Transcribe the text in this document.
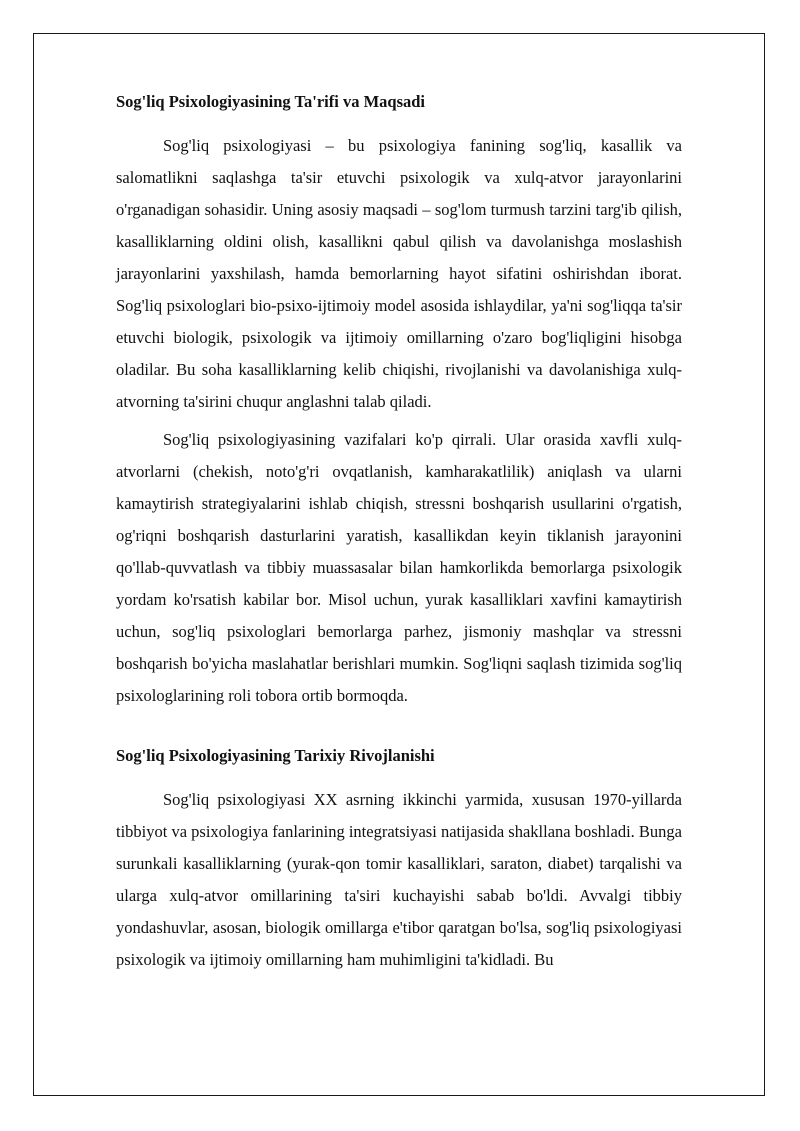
Sog'liq Psixologiyasining Ta'rifi va Maqsadi

Sog'liq psixologiyasi – bu psixologiya fanining sog'liq, kasallik va salomatlikni saqlashga ta'sir etuvchi psixologik va xulq-atvor jarayonlarini o'rganadigan sohasidir. Uning asosiy maqsadi – sog'lom turmush tarzini targ'ib qilish, kasalliklarning oldini olish, kasallikni qabul qilish va davolanishga moslashish jarayonlarini yaxshilash, hamda bemorlarning hayot sifatini oshirishdan iborat. Sog'liq psixologlari bio-psixo-ijtimoiy model asosida ishlaydilar, ya'ni sog'liqqa ta'sir etuvchi biologik, psixologik va ijtimoiy omillarning o'zaro bog'liqligini hisobga oladilar. Bu soha kasalliklarning kelib chiqishi, rivojlanishi va davolanishiga xulq-atvorning ta'sirini chuqur anglashni talab qiladi.

Sog'liq psixologiyasining vazifalari ko'p qirrali. Ular orasida xavfli xulq-atvorlarni (chekish, noto'g'ri ovqatlanish, kamharakatlilik) aniqlash va ularni kamaytirish strategiyalarini ishlab chiqish, stressni boshqarish usullarini o'rgatish, og'riqni boshqarish dasturlarini yaratish, kasallikdan keyin tiklanish jarayonini qo'llab-quvvatlash va tibbiy muassasalar bilan hamkorlikda bemorlarga psixologik yordam ko'rsatish kabilar bor. Misol uchun, yurak kasalliklari xavfini kamaytirish uchun, sog'liq psixologlari bemorlarga parhez, jismoniy mashqlar va stressni boshqarish bo'yicha maslahatlar berishlari mumkin. Sog'liqni saqlash tizimida sog'liq psixologlarining roli tobora ortib bormoqda.

Sog'liq Psixologiyasining Tarixiy Rivojlanishi

Sog'liq psixologiyasi XX asrning ikkinchi yarmida, xususan 1970-yillarda tibbiyot va psixologiya fanlarining integratsiyasi natijasida shakllana boshladi. Bunga surunkali kasalliklarning (yurak-qon tomir kasalliklari, saraton, diabet) tarqalishi va ularga xulq-atvor omillarining ta'siri kuchayishi sabab bo'ldi. Avvalgi tibbiy yondashuvlar, asosan, biologik omillarga e'tibor qaratgan bo'lsa, sog'liq psixologiyasi psixologik va ijtimoiy omillarning ham muhimligini ta'kidladi. Bu
